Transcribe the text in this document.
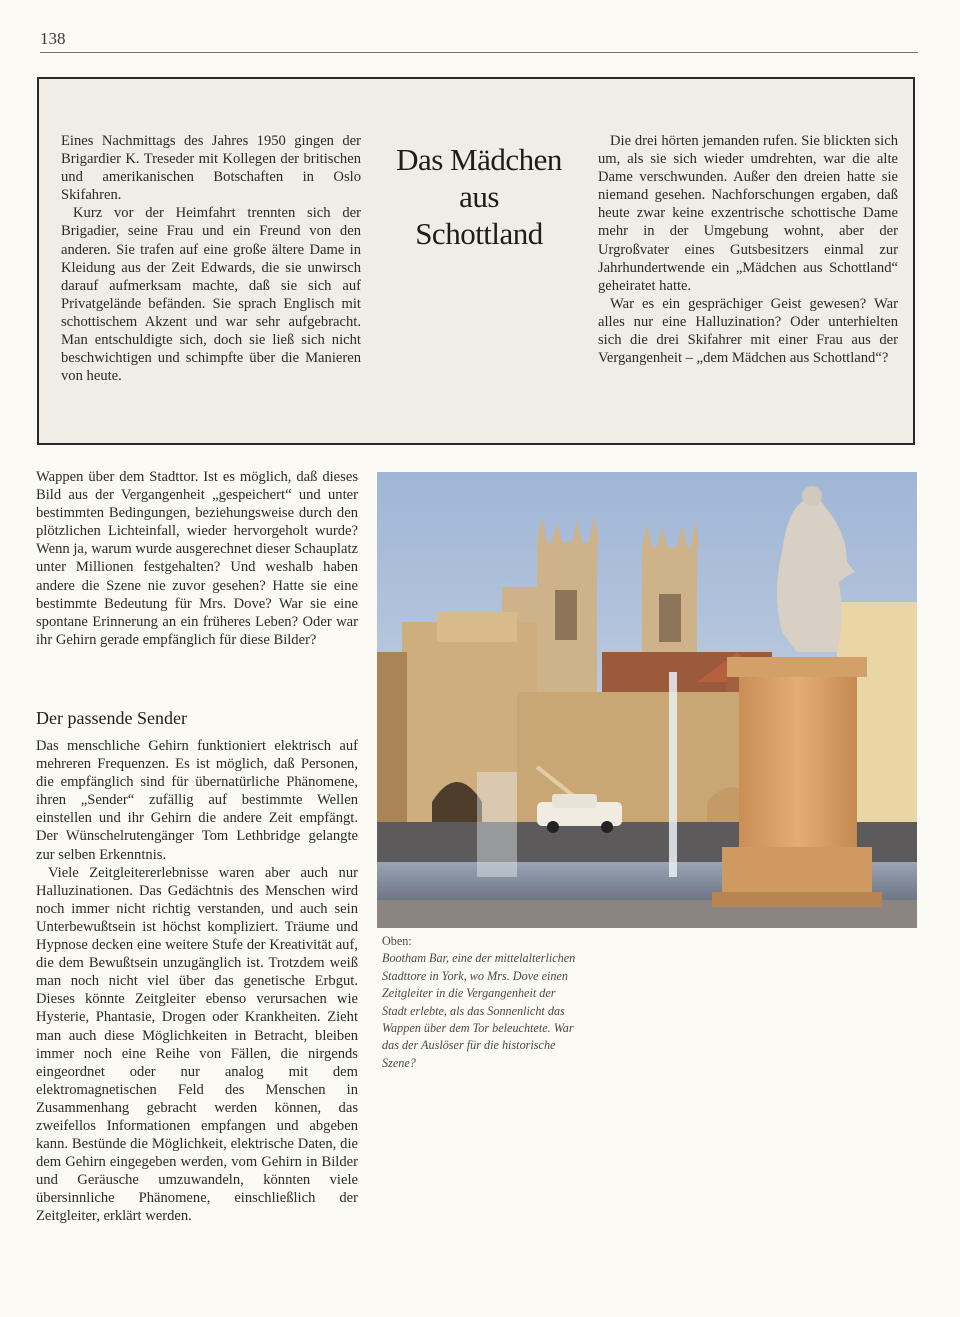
138

Eines Nachmittags des Jahres 1950 gingen der Brigardier K. Treseder mit Kollegen der britischen und amerikanischen Botschaften in Oslo Skifahren.

Kurz vor der Heimfahrt trennten sich der Brigadier, seine Frau und ein Freund von den anderen. Sie trafen auf eine große ältere Dame in Kleidung aus der Zeit Edwards, die sie unwirsch darauf aufmerksam machte, daß sie sich auf Privatgelände befänden. Sie sprach Englisch mit schottischem Akzent und war sehr aufgebracht. Man entschuldigte sich, doch sie ließ sich nicht beschwichtigen und schimpfte über die Manieren von heute.

Das Mädchen
aus
Schottland

Die drei hörten jemanden rufen. Sie blickten sich um, als sie sich wieder umdrehten, war die alte Dame verschwunden. Außer den dreien hatte sie niemand gesehen. Nachforschungen ergaben, daß heute zwar keine exzentrische schottische Dame mehr in der Umgebung wohnt, aber der Urgroßvater eines Gutsbesitzers einmal zur Jahrhundertwende ein „Mädchen aus Schottland“ geheiratet hatte.

War es ein gesprächiger Geist gewesen? War alles nur eine Halluzination? Oder unterhielten sich die drei Skifahrer mit einer Frau aus der Vergangenheit – „dem Mädchen aus Schottland“?

Wappen über dem Stadttor. Ist es möglich, daß dieses Bild aus der Vergangenheit „gespeichert“ und unter bestimmten Bedingungen, beziehungsweise durch den plötzlichen Lichteinfall, wieder hervorgeholt wurde? Wenn ja, warum wurde ausgerechnet dieser Schauplatz unter Millionen festgehalten? Und weshalb haben andere die Szene nie zuvor gesehen? Hatte sie eine bestimmte Bedeutung für Mrs. Dove? War sie eine spontane Erinnerung an ein früheres Leben? Oder war ihr Gehirn gerade empfänglich für diese Bilder?

Der passende Sender

Das menschliche Gehirn funktioniert elektrisch auf mehreren Frequenzen. Es ist möglich, daß Personen, die empfänglich sind für übernatürliche Phänomene, ihren „Sender“ zufällig auf bestimmte Wellen einstellen und ihr Gehirn die andere Zeit empfängt. Der Wünschelrutengänger Tom Lethbridge gelangte zur selben Erkenntnis.

Viele Zeitgleitererlebnisse waren aber auch nur Halluzinationen. Das Gedächtnis des Menschen wird noch immer nicht richtig verstanden, und auch sein Unterbewußtsein ist höchst kompliziert. Träume und Hypnose decken eine weitere Stufe der Kreativität auf, die dem Bewußtsein unzugänglich ist. Trotzdem weiß man noch nicht viel über das genetische Erbgut. Dieses könnte Zeitgleiter ebenso verursachen wie Hysterie, Phantasie, Drogen oder Krankheiten. Zieht man auch diese Möglichkeiten in Betracht, bleiben immer noch eine Reihe von Fällen, die nirgends eingeordnet oder nur analog mit dem elektromagnetischen Feld des Menschen in Zusammenhang gebracht werden können, das zweifellos Informationen empfangen und abgeben kann. Bestünde die Möglichkeit, elektrische Daten, die dem Gehirn eingegeben werden, vom Gehirn in Bilder und Geräusche umzuwandeln, könnten viele übersinnliche Phänomene, einschließlich der Zeitgleiter, erklärt werden.

Oben:
Bootham Bar, eine der mittelalterlichen Stadttore in York, wo Mrs. Dove einen Zeitgleiter in die Vergangenheit der Stadt erlebte, als das Sonnenlicht das Wappen über dem Tor beleuchtete. War das der Auslöser für die historische Szene?
